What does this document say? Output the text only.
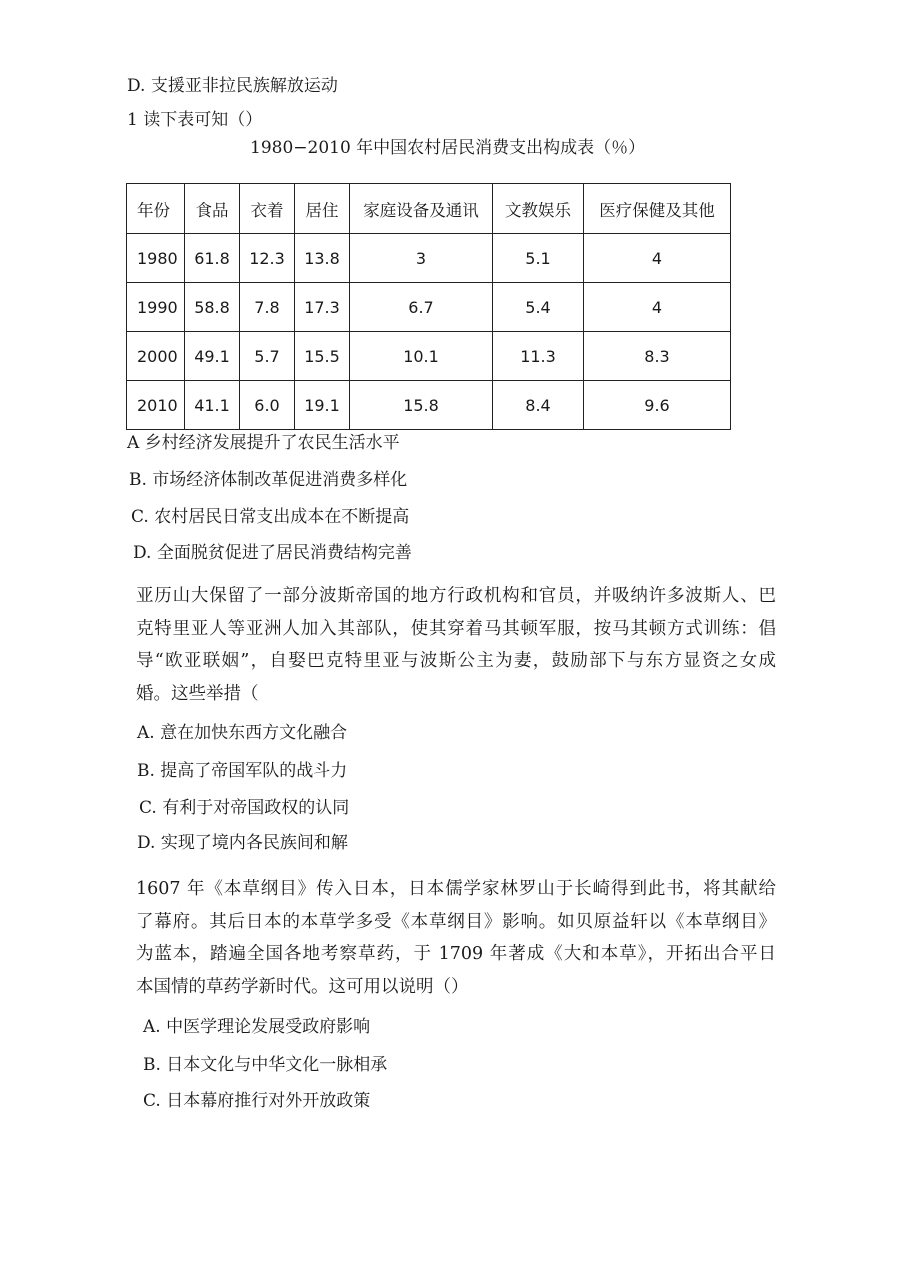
D. 支援亚非拉民族解放运动
1 读下表可知（）
1980−2010 年中国农村居民消费支出构成表（％）
年份	食品	衣着	居住	家庭设备及通讯	文教娱乐	医疗保健及其他
1980	61.8	12.3	13.8	3	5.1	4
1990	58.8	7.8	17.3	6.7	5.4	4
2000	49.1	5.7	15.5	10.1	11.3	8.3
2010	41.1	6.0	19.1	15.8	8.4	9.6
A 乡村经济发展提升了农民生活水平
B. 市场经济体制改革促进消费多样化
C. 农村居民日常支出成本在不断提高
D. 全面脱贫促进了居民消费结构完善
亚历山大保留了一部分波斯帝国的地方行政机构和官员，并吸纳许多波斯人、巴
克特里亚人等亚洲人加入其部队，使其穿着马其顿军服，按马其顿方式训练：倡
导“欧亚联姻”，自娶巴克特里亚与波斯公主为妻，鼓励部下与东方显资之女成
婚。这些举措（
A. 意在加快东西方文化融合
B. 提高了帝国军队的战斗力
C. 有利于对帝国政权的认同
D. 实现了境内各民族间和解
1607 年《本草纲目》传入日本，日本儒学家林罗山于长崎得到此书，将其献给
了幕府。其后日本的本草学多受《本草纲目》影响。如贝原益轩以《本草纲目》
为蓝本，踏遍全国各地考察草药，于 1709 年著成《大和本草》，开拓出合平日
本国情的草药学新时代。这可用以说明（）
A. 中医学理论发展受政府影响
B. 日本文化与中华文化一脉相承
C. 日本幕府推行对外开放政策
